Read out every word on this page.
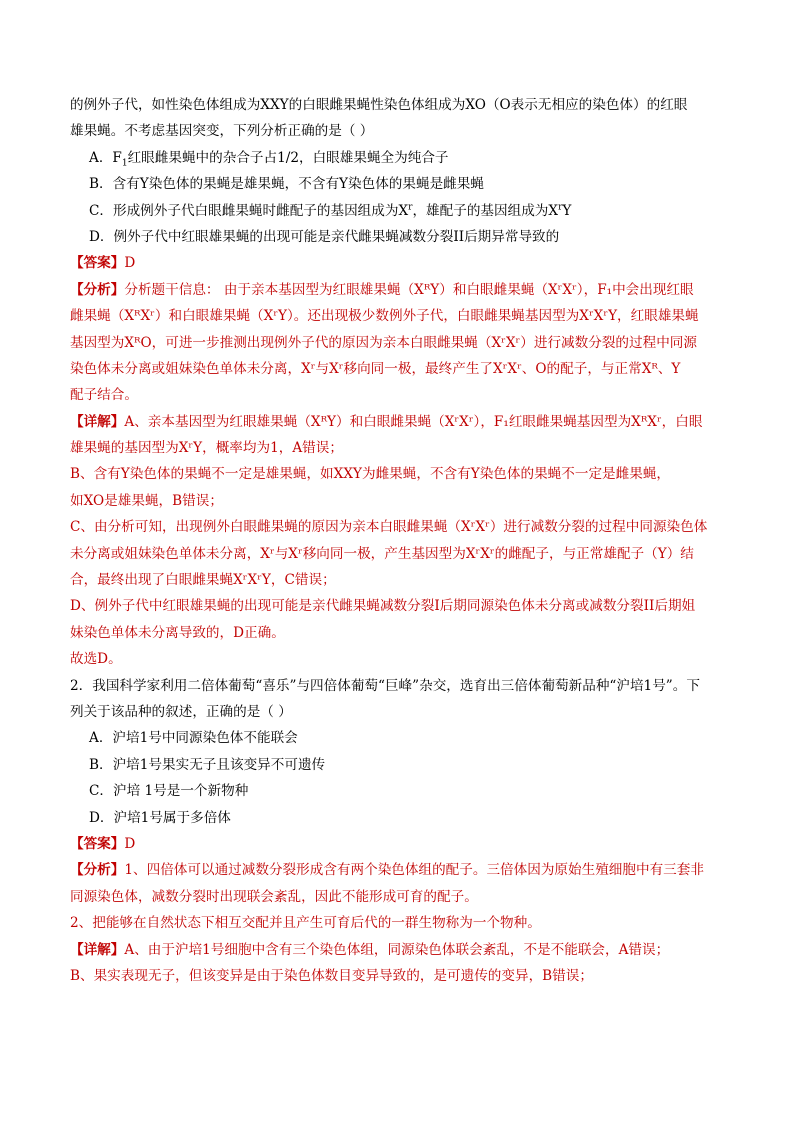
的例外子代，如性染色体组成为XXY的白眼雌果蝇性染色体组成为XO（O表示无相应的染色体）的红眼
雄果蝇。不考虑基因突变，下列分析正确的是（ ）
A．$F_1$红眼雌果蝇中的杂合子占1/2，白眼雄果蝇全为纯合子
B．含有Y染色体的果蝇是雄果蝇，不含有Y染色体的果蝇是雌果蝇
C．形成例外子代白眼雌果蝇时雌配子的基因组成为$X^r$，雄配子的基因组成为$X^rY$
D．例外子代中红眼雄果蝇的出现可能是亲代雌果蝇减数分裂II后期异常导致的
【答案】D
【分析】分析题干信息： 由于亲本基因型为红眼雄果蝇（XᴿY）和白眼雌果蝇（XʳXʳ），F₁中会出现红眼
雌果蝇（XᴿXʳ）和白眼雄果蝇（XʳY）。还出现极少数例外子代，白眼雌果蝇基因型为XʳXʳY，红眼雄果蝇
基因型为XᴿO，可进一步推测出现例外子代的原因为亲本白眼雌果蝇（XʳXʳ）进行减数分裂的过程中同源
染色体未分离或姐妹染色单体未分离，Xʳ与Xʳ移向同一极，最终产生了XʳXʳ、O的配子，与正常Xᴿ、Y
配子结合。
【详解】A、亲本基因型为红眼雄果蝇（XᴿY）和白眼雌果蝇（XʳXʳ），F₁红眼雌果蝇基因型为XᴿXʳ，白眼
雄果蝇的基因型为XʳY，概率均为1，A错误；
B、含有Y染色体的果蝇不一定是雄果蝇，如XXY为雌果蝇，不含有Y染色体的果蝇不一定是雌果蝇，
如XO是雄果蝇，B错误；
C、由分析可知，出现例外白眼雌果蝇的原因为亲本白眼雌果蝇（XʳXʳ）进行减数分裂的过程中同源染色体
未分离或姐妹染色单体未分离，Xʳ与Xʳ移向同一极，产生基因型为XʳXʳ的雌配子，与正常雄配子（Y）结
合，最终出现了白眼雌果蝇XʳXʳY，C错误；
D、例外子代中红眼雄果蝇的出现可能是亲代雌果蝇减数分裂I后期同源染色体未分离或减数分裂II后期姐
妹染色单体未分离导致的，D正确。
故选D。
2．我国科学家利用二倍体葡萄“喜乐”与四倍体葡萄“巨峰”杂交，选育出三倍体葡萄新品种“沪培1号”。下
列关于该品种的叙述，正确的是（ ）
A．沪培1号中同源染色体不能联会
B．沪培1号果实无子且该变异不可遗传
C．沪培 1号是一个新物种
D．沪培1号属于多倍体
【答案】D
【分析】1、四倍体可以通过减数分裂形成含有两个染色体组的配子。三倍体因为原始生殖细胞中有三套非
同源染色体，减数分裂时出现联会紊乱，因此不能形成可育的配子。
2、把能够在自然状态下相互交配并且产生可育后代的一群生物称为一个物种。
【详解】A、由于沪培1号细胞中含有三个染色体组，同源染色体联会紊乱，不是不能联会，A错误；
B、果实表现无子，但该变异是由于染色体数目变异导致的，是可遗传的变异，B错误；
